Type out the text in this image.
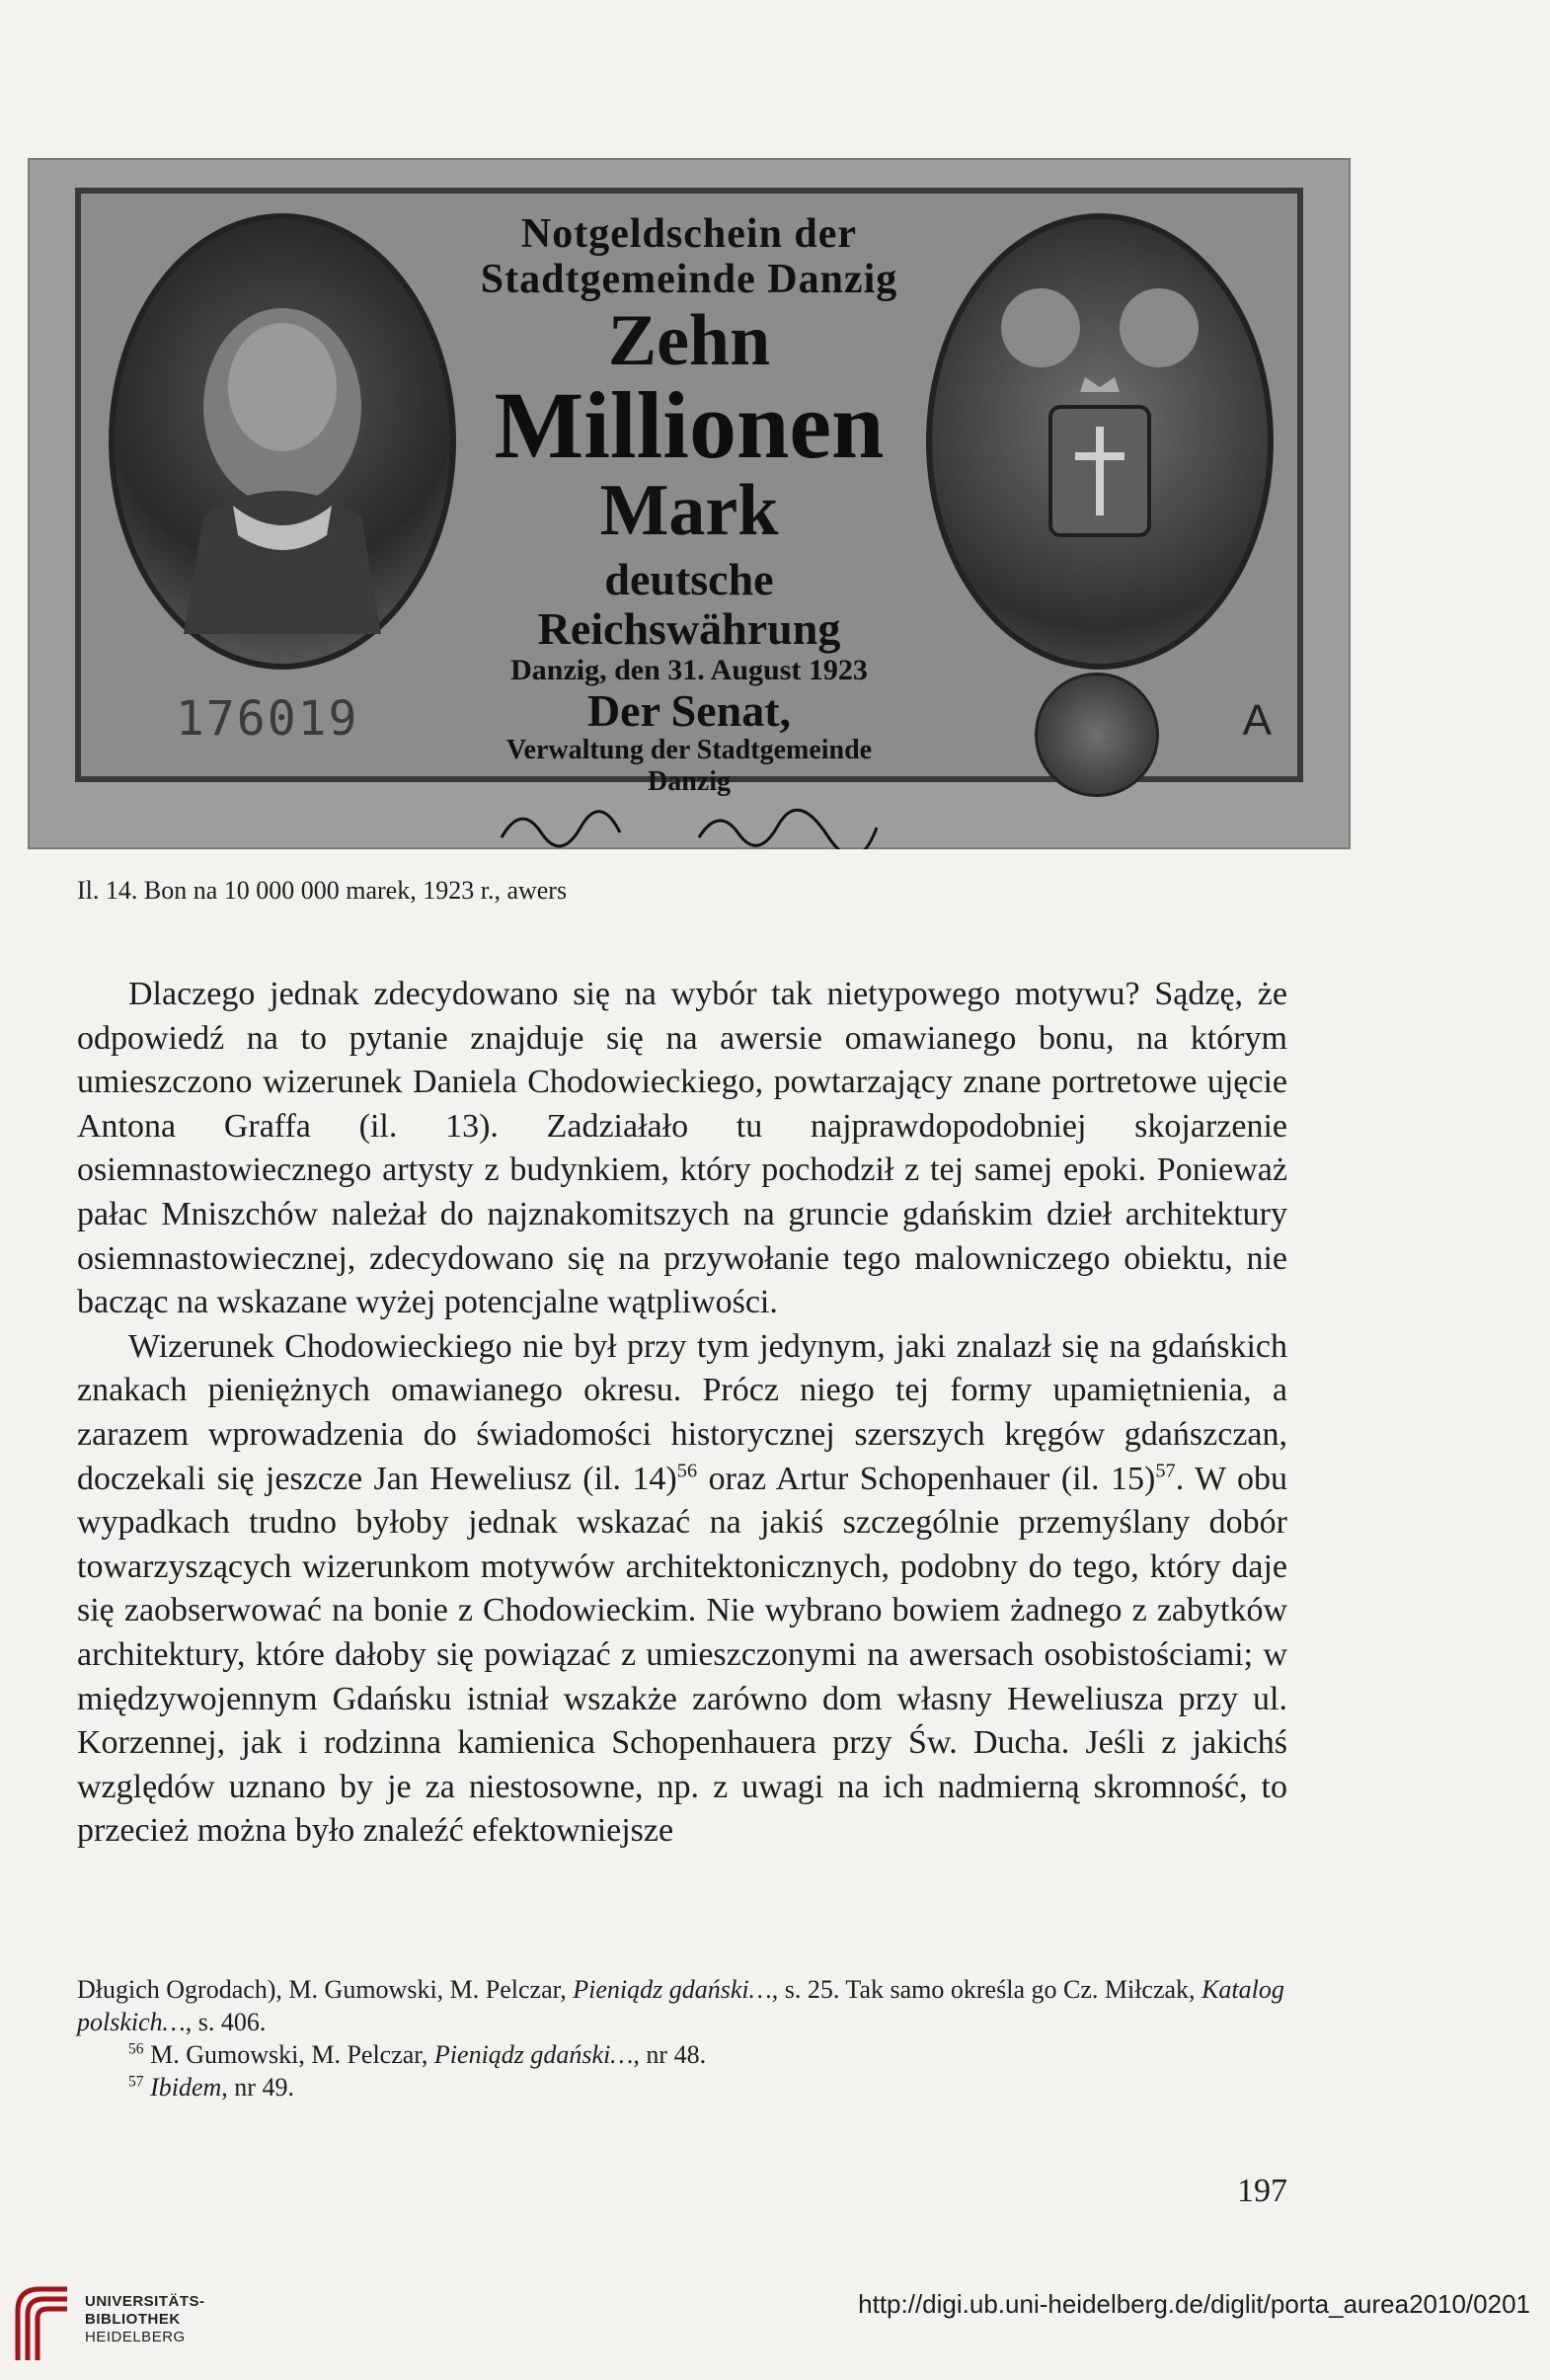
Notgeldschein der
Stadtgemeinde Danzig
Zehn
Millionen
Mark
deutsche Reichswährung
Danzig, den 31. August 1923
Der Senat,
Verwaltung der Stadtgemeinde Danzig
176019	A
Il. 14. Bon na 10 000 000 marek, 1923 r., awers

Dlaczego jednak zdecydowano się na wybór tak nietypowego motywu? Sądzę, że odpowiedź na to pytanie znajduje się na awersie omawianego bonu, na którym umieszczono wizerunek Daniela Chodowieckiego, powtarzający znane portretowe ujęcie Antona Graffa (il. 13). Zadziałało tu najprawdopodobniej skojarzenie osiemnastowiecznego artysty z budynkiem, który pochodził z tej samej epoki. Ponieważ pałac Mniszchów należał do najznakomitszych na gruncie gdańskim dzieł architektury osiemnastowiecznej, zdecydowano się na przywołanie tego malowniczego obiektu, nie bacząc na wskazane wyżej potencjalne wątpliwości.

Wizerunek Chodowieckiego nie był przy tym jedynym, jaki znalazł się na gdańskich znakach pieniężnych omawianego okresu. Prócz niego tej formy upamiętnienia, a zarazem wprowadzenia do świadomości historycznej szerszych kręgów gdańszczan, doczekali się jeszcze Jan Heweliusz (il. 14)$^{56}$ oraz Artur Schopenhauer (il. 15)$^{57}$. W obu wypadkach trudno byłoby jednak wskazać na jakiś szczególnie przemyślany dobór towarzyszących wizerunkom motywów architektonicznych, podobny do tego, który daje się zaobserwować na bonie z Chodowieckim. Nie wybrano bowiem żadnego z zabytków architektury, które dałoby się powiązać z umieszczonymi na awersach osobistościami; w międzywojennym Gdańsku istniał wszakże zarówno dom własny Heweliusza przy ul. Korzennej, jak i rodzinna kamienica Schopenhauera przy Św. Ducha. Jeśli z jakichś względów uznano by je za niestosowne, np. z uwagi na ich nadmierną skromność, to przecież można było znaleźć efektowniejsze

Długich Ogrodach), M. Gumowski, M. Pelczar, Pieniądz gdański…, s. 25. Tak samo określa go Cz. Miłczak, Katalog polskich…, s. 406.

$^{56}$ M. Gumowski, M. Pelczar, Pieniądz gdański…, nr 48.

$^{57}$ Ibidem, nr 49.

197
UNIVERSITÄTS-
BIBLIOTHEK
HEIDELBERG
http://digi.ub.uni-heidelberg.de/diglit/porta_aurea2010/0201
